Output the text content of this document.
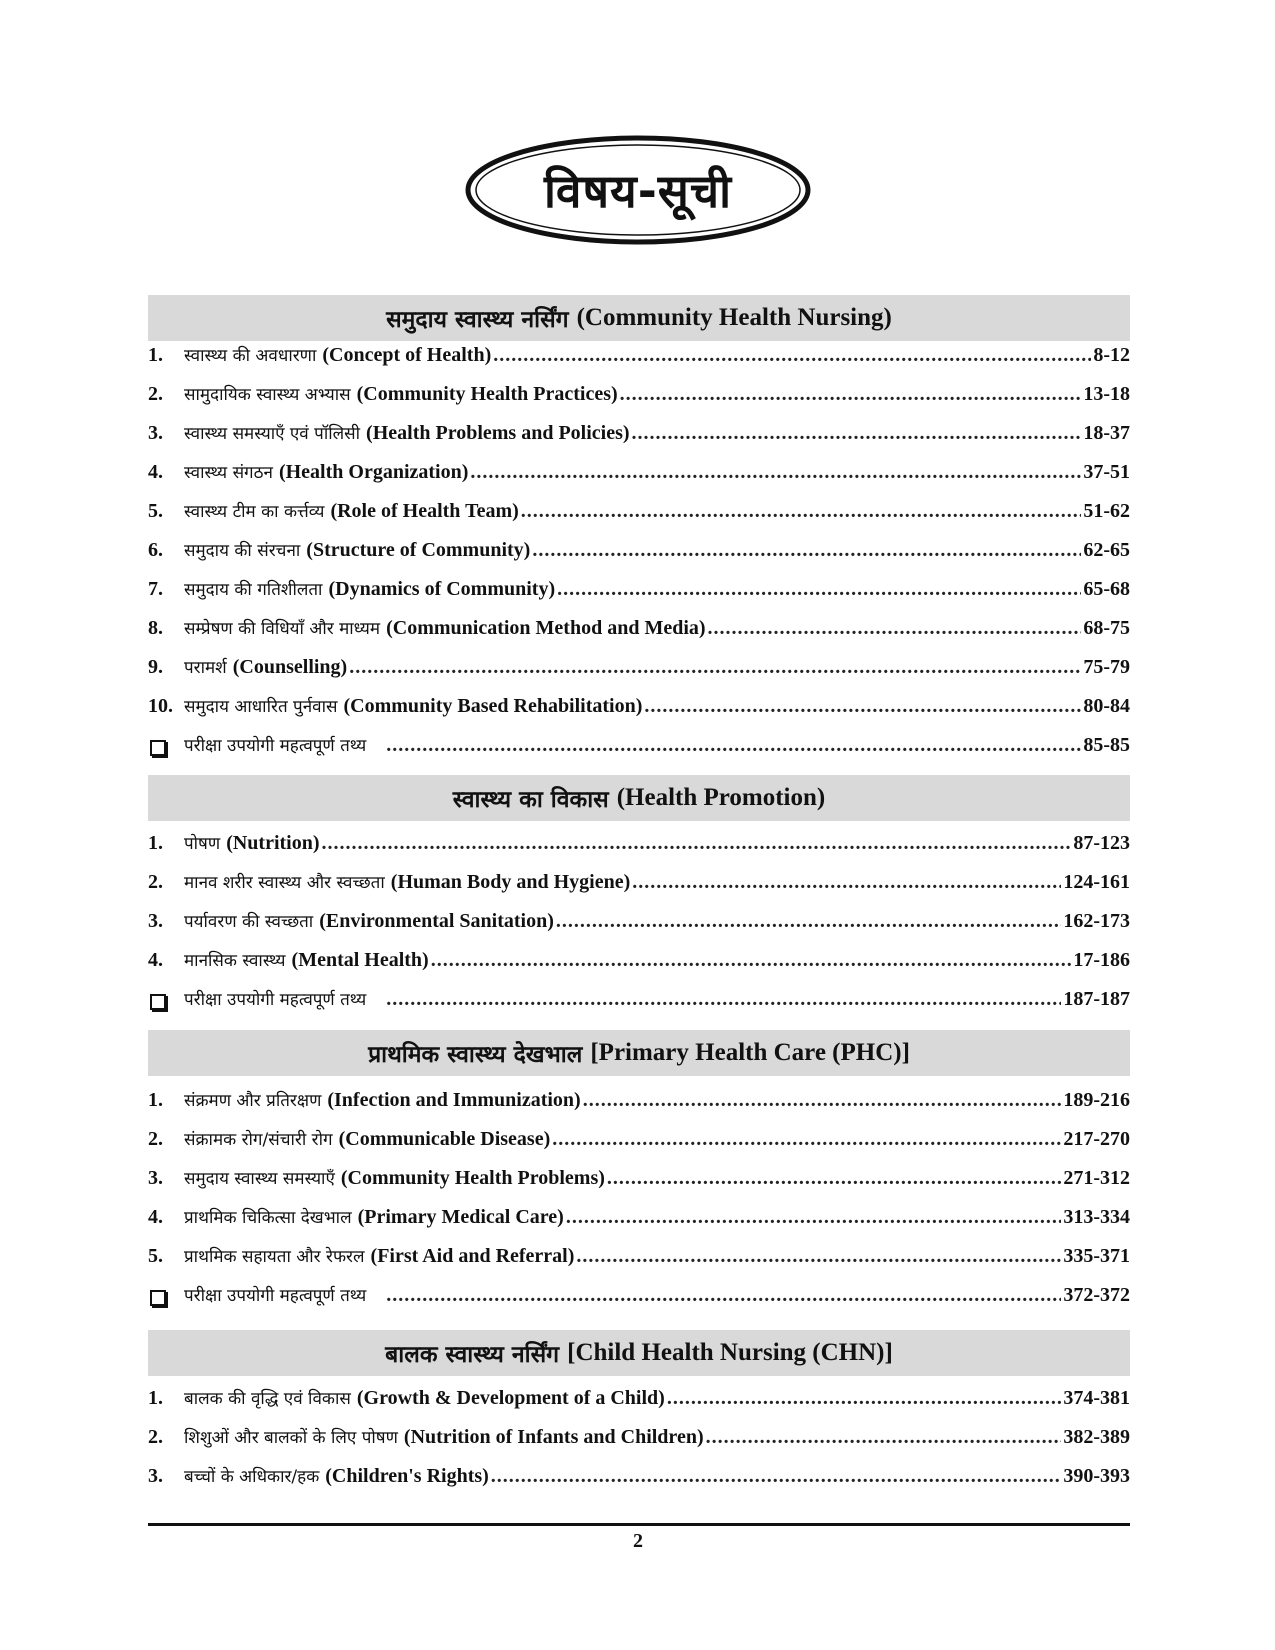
विषय-सूची
समुदाय स्वास्थ्य नर्सिंग (Community Health Nursing)
1.	स्वास्थ्य की अवधारणा (Concept of Health) .....	8-12
2.	सामुदायिक स्वास्थ्य अभ्यास (Community Health Practices) .....	13-18
3.	स्वास्थ्य समस्याएँ एवं पॉलिसी (Health Problems and Policies) .....	18-37
4.	स्वास्थ्य संगठन (Health Organization) .....	37-51
5.	स्वास्थ्य टीम का कर्त्तव्य (Role of Health Team) .....	51-62
6.	समुदाय की संरचना (Structure of Community) .....	62-65
7.	समुदाय की गतिशीलता (Dynamics of Community) .....	65-68
8.	सम्प्रेषण की विधियाँ और माध्यम (Communication Method and Media) .....	68-75
9.	परामर्श (Counselling) .....	75-79
10. समुदाय आधारित पुर्नवास (Community Based Rehabilitation) .....	80-84
परीक्षा उपयोगी महत्वपूर्ण तथ्य .....	85-85
स्वास्थ्य का विकास (Health Promotion)
1.	पोषण (Nutrition) .....	87-123
2.	मानव शरीर स्वास्थ्य और स्वच्छता (Human Body and Hygiene) .....	124-161
3.	पर्यावरण की स्वच्छता (Environmental Sanitation) .....	162-173
4.	मानसिक स्वास्थ्य (Mental Health) .....	17-186
परीक्षा उपयोगी महत्वपूर्ण तथ्य .....	187-187
प्राथमिक स्वास्थ्य देखभाल [Primary Health Care (PHC)]
1.	संक्रमण और प्रतिरक्षण (Infection and Immunization) .....	189-216
2.	संक्रामक रोग/संचारी रोग (Communicable Disease) .....	217-270
3.	समुदाय स्वास्थ्य समस्याएँ (Community Health Problems) .....	271-312
4.	प्राथमिक चिकित्सा देखभाल (Primary Medical Care) .....	313-334
5.	प्राथमिक सहायता और रेफरल (First Aid and Referral) .....	335-371
परीक्षा उपयोगी महत्वपूर्ण तथ्य .....	372-372
बालक स्वास्थ्य नर्सिंग [Child Health Nursing (CHN)]
1.	बालक की वृद्धि एवं विकास (Growth & Development of a Child) .....	374-381
2.	शिशुओं और बालकों के लिए पोषण (Nutrition of Infants and Children) .....	382-389
3.	बच्चों के अधिकार/हक (Children's Rights) .....	390-393
2
